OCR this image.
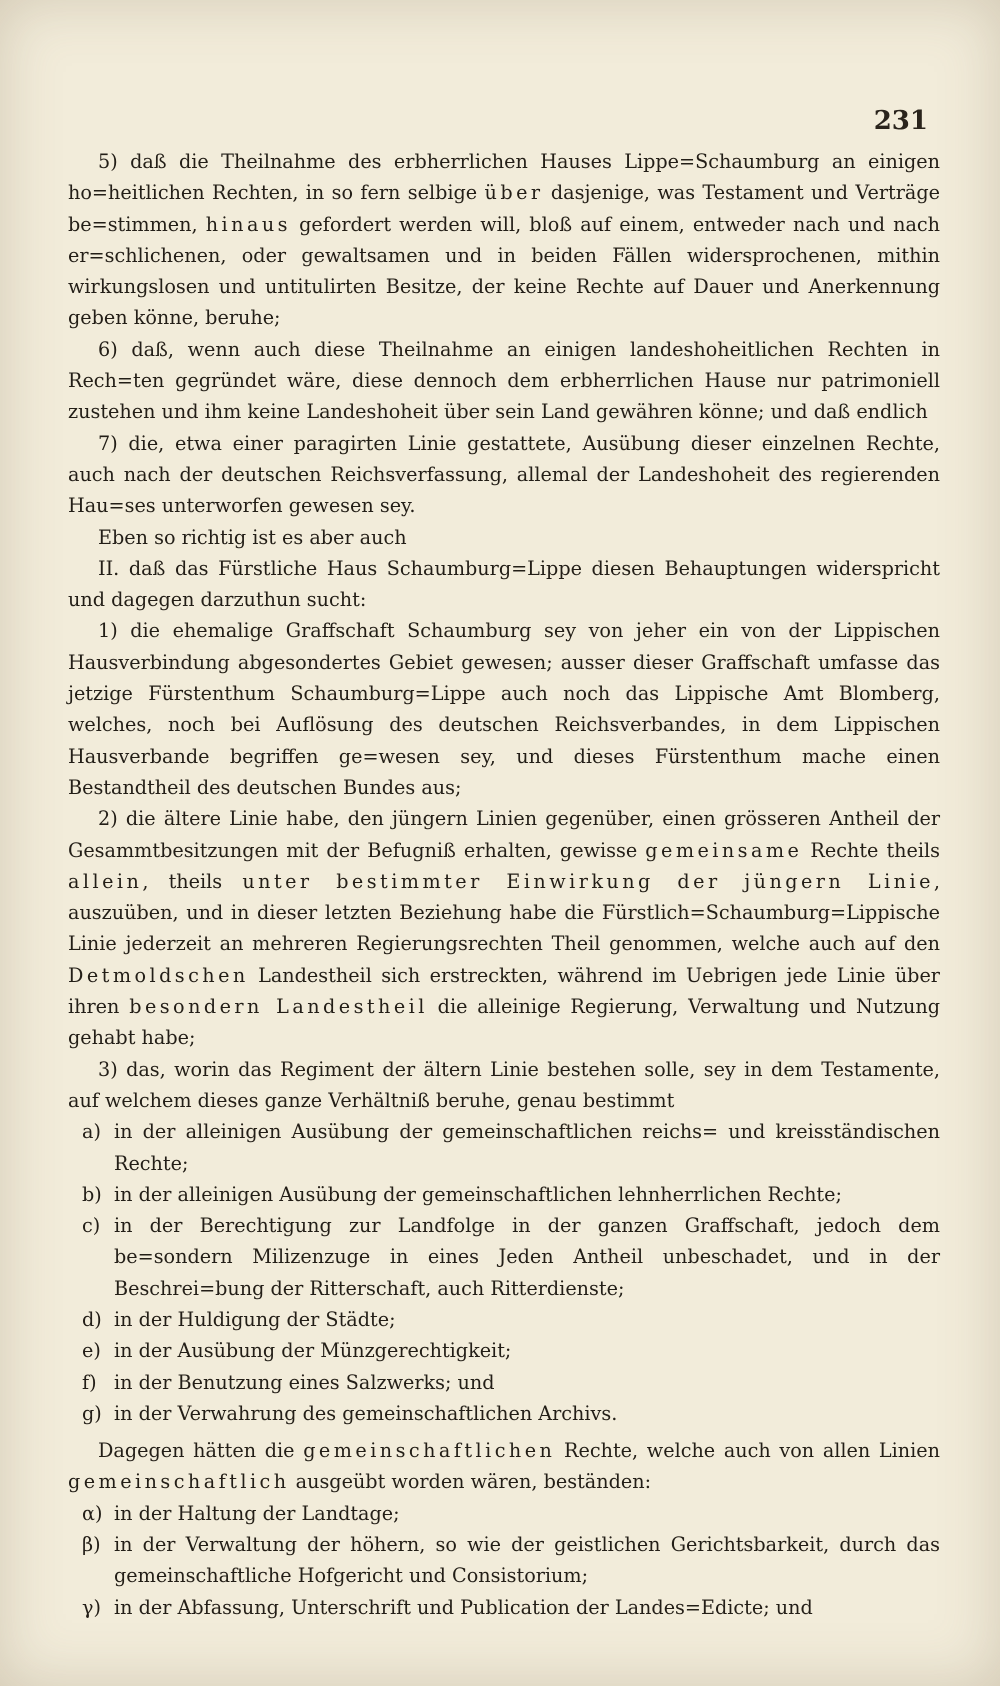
231

5) daß die Theilnahme des erbherrlichen Hauses Lippe=Schaumburg an einigen ho=heitlichen Rechten, in so fern selbige über dasjenige, was Testament und Verträge be=stimmen, hinaus gefordert werden will, bloß auf einem, entweder nach und nach er=schlichenen, oder gewaltsamen und in beiden Fällen widersprochenen, mithin wirkungslosen und untitulirten Besitze, der keine Rechte auf Dauer und Anerkennung geben könne, beruhe;

6) daß, wenn auch diese Theilnahme an einigen landeshoheitlichen Rechten in Rech=ten gegründet wäre, diese dennoch dem erbherrlichen Hause nur patrimoniell zustehen und ihm keine Landeshoheit über sein Land gewähren könne; und daß endlich

7) die, etwa einer paragirten Linie gestattete, Ausübung dieser einzelnen Rechte, auch nach der deutschen Reichsverfassung, allemal der Landeshoheit des regierenden Hau=ses unterworfen gewesen sey.

Eben so richtig ist es aber auch

II. daß das Fürstliche Haus Schaumburg=Lippe diesen Behauptungen widerspricht und dagegen darzuthun sucht:

1) die ehemalige Graffschaft Schaumburg sey von jeher ein von der Lippischen Hausverbindung abgesondertes Gebiet gewesen; ausser dieser Graffschaft umfasse das jetzige Fürstenthum Schaumburg=Lippe auch noch das Lippische Amt Blomberg, welches, noch bei Auflösung des deutschen Reichsverbandes, in dem Lippischen Hausverbande begriffen ge=wesen sey, und dieses Fürstenthum mache einen Bestandtheil des deutschen Bundes aus;

2) die ältere Linie habe, den jüngern Linien gegenüber, einen grösseren Antheil der Gesammtbesitzungen mit der Befugniß erhalten, gewisse gemeinsame Rechte theils allein, theils unter bestimmter Einwirkung der jüngern Linie, auszuüben, und in dieser letzten Beziehung habe die Fürstlich=Schaumburg=Lippische Linie jederzeit an mehreren Regierungsrechten Theil genommen, welche auch auf den Detmoldschen Landestheil sich erstreckten, während im Uebrigen jede Linie über ihren besondern Landestheil die alleinige Regierung, Verwaltung und Nutzung gehabt habe;

3) das, worin das Regiment der ältern Linie bestehen solle, sey in dem Testamente, auf welchem dieses ganze Verhältniß beruhe, genau bestimmt

a) in der alleinigen Ausübung der gemeinschaftlichen reichs= und kreisständischen Rechte;

b) in der alleinigen Ausübung der gemeinschaftlichen lehnherrlichen Rechte;

c) in der Berechtigung zur Landfolge in der ganzen Graffschaft, jedoch dem be=sondern Milizenzuge in eines Jeden Antheil unbeschadet, und in der Beschrei=bung der Ritterschaft, auch Ritterdienste;

d) in der Huldigung der Städte;

e) in der Ausübung der Münzgerechtigkeit;

f) in der Benutzung eines Salzwerks; und

g) in der Verwahrung des gemeinschaftlichen Archivs.

Dagegen hätten die gemeinschaftlichen Rechte, welche auch von allen Linien gemeinschaftlich ausgeübt worden wären, beständen:

α) in der Haltung der Landtage;

β) in der Verwaltung der höhern, so wie der geistlichen Gerichtsbarkeit, durch das gemeinschaftliche Hofgericht und Consistorium;

γ) in der Abfassung, Unterschrift und Publication der Landes=Edicte; und
